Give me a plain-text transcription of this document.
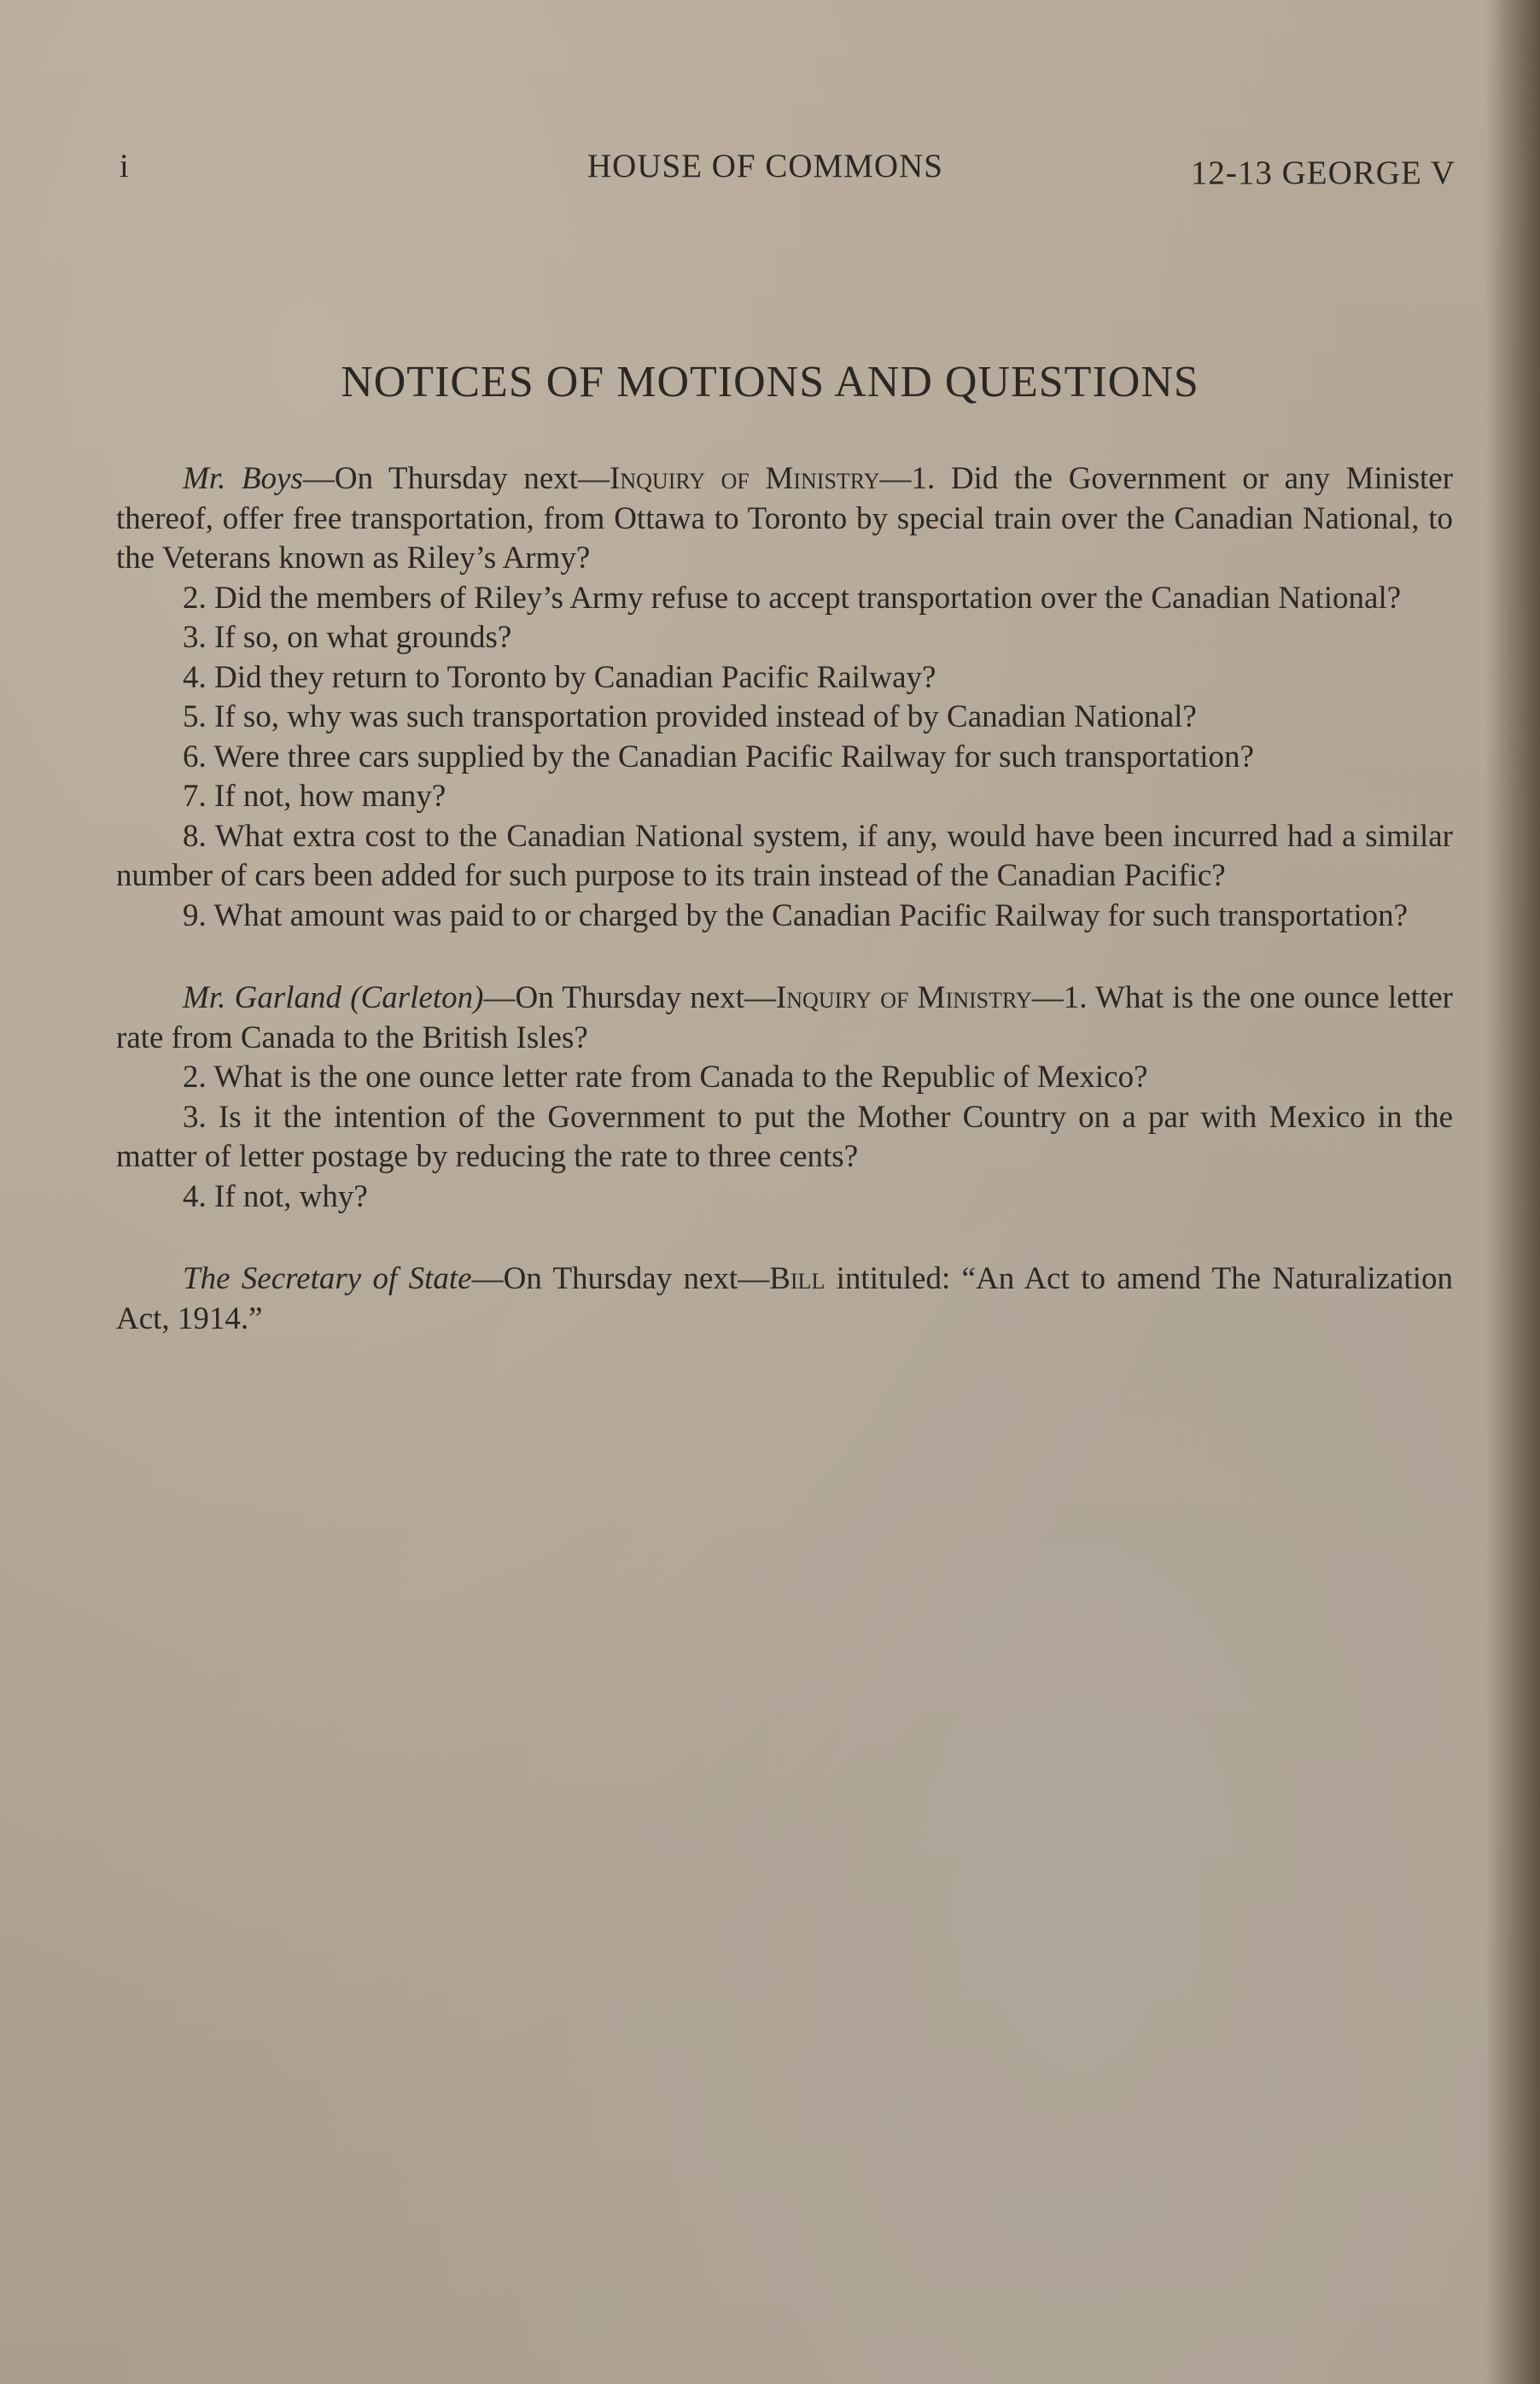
i	HOUSE OF COMMONS	12-13 GEORGE V
NOTICES OF MOTIONS AND QUESTIONS

Mr. Boys—On Thursday next—Inquiry of Ministry—1. Did the Government or any Minister thereof, offer free transportation, from Ottawa to Toronto by special train over the Canadian National, to the Veterans known as Riley’s Army?

2. Did the members of Riley’s Army refuse to accept transportation over the Canadian National?

3. If so, on what grounds?

4. Did they return to Toronto by Canadian Pacific Railway?

5. If so, why was such transportation provided instead of by Canadian National?

6. Were three cars supplied by the Canadian Pacific Railway for such transportation?

7. If not, how many?

8. What extra cost to the Canadian National system, if any, would have been incurred had a similar number of cars been added for such purpose to its train instead of the Canadian Pacific?

9. What amount was paid to or charged by the Canadian Pacific Railway for such transportation?

Mr. Garland (Carleton)—On Thursday next—Inquiry of Ministry—1. What is the one ounce letter rate from Canada to the British Isles?

2. What is the one ounce letter rate from Canada to the Republic of Mexico?

3. Is it the intention of the Government to put the Mother Country on a par with Mexico in the matter of letter postage by reducing the rate to three cents?

4. If not, why?

The Secretary of State—On Thursday next—Bill intituled: “An Act to amend The Naturalization Act, 1914.”
